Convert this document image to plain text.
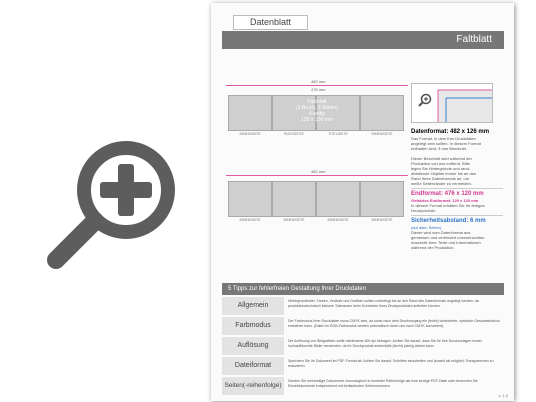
Datenblatt
Faltblatt
482 mm
476 mm
Falzblatt
(1 Bruch, 3 Seiten)
4-seitig
120 x 126 mm
INNENSEITE	RÜCKSEITE	TITELSEITE	INNENSEITE
482 mm
INNENSEITE	INNENSEITE	INNENSEITE	INNENSEITE
Datenformat: 482 x 126 mm
Das Format, in dem Ihre Druckdaten
angelegt sein sollten. In diesem Format
enthalten sind: 3 mm Beschnitt.

Dieser Beschnitt wird während der
Produktion von uns entfernt. Bitte
legen Sie Hintergründe und rand-
abfallende Objekte immer bis an den
Rand Ihres Datenformats an, um
weiße Seitenränder zu vermeiden.
Endformat: 476 x 120 mm
Gefalztes Endformat: 120 x 120 mm
In diesem Format erhalten Sie Ihr fertiges
Druckprodukt.
Sicherheitsabstand: 6 mm
(auf allen Seiten)
Dieser wird vom Datenformat aus
gemessen und verhindert unerwünschten
Anschnitt Ihrer Texte und Informationen
während der Produktion.
5 Tipps zur fehlerfreien Gestaltung Ihrer Druckdaten
Allgemein
Hintergrundbilder, Farben, Verläufe und Grafiken sollten unbedingt bis an den Rand des Datenformats angelegt werden, da produktionstechnisch kleinere Toleranzen beim Schneiden Ihres Druckproduktes auftreten können.
Farbmodus
Der Farbmodus Ihrer Druckdaten muss CMYK sein, da sonst nach dem Druckvorgang ein (leicht) veränderter, optischer Gesamteindruck entstehen kann. (Daten im RGB-Farbmodus werden automatisch durch uns nach CMYK konvertiert).
Auflösung
Die Auflösung von Bildgrafiken sollte mindestens 300 dpi betragen. Achten Sie darauf, dass Sie für Ihre Druckvorlagen immer hochauflösende Bilder verwenden, da Ihr Druckprodukt andernfalls (leicht) pixelig wirken kann.
Dateiformat
Speichern Sie Ihr Dokument im PDF-Format ab. Achten Sie darauf, Schriften einzubetten und (soweit als möglich) Transparenzen zu reduzieren.
Seiten(-reihenfolge)
Senden Sie mehrseitige Dokumente chronologisch in korrekter Reihenfolge als eine einzige PDF-Datei oder benennen Sie Einzeldokumente entsprechend mit fortlaufenden Seitennummern.
v. 1.0
